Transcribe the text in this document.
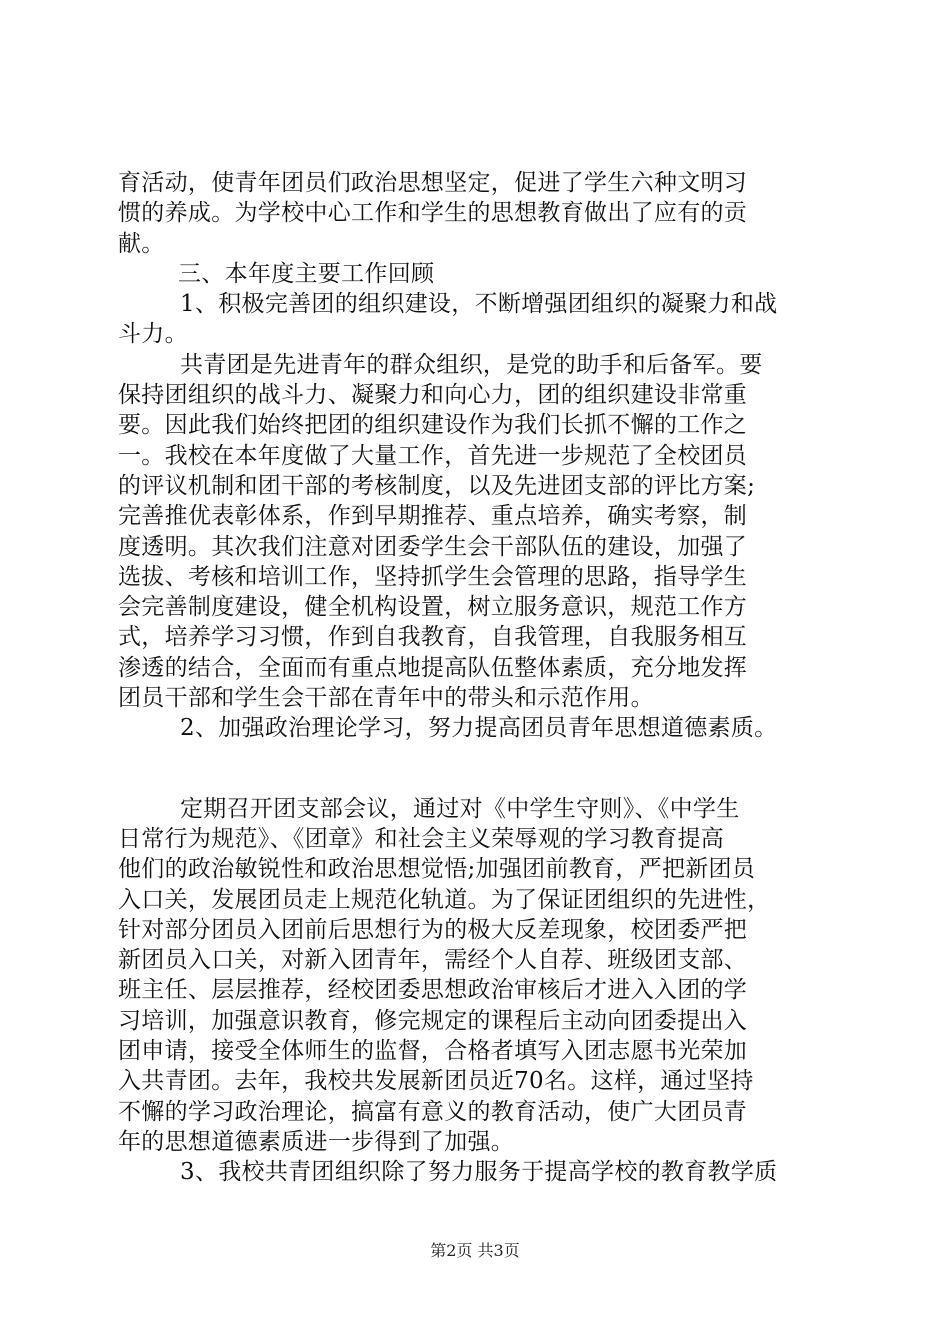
育活动，使青年团员们政治思想坚定，促进了学生六种文明习
惯的养成。为学校中心工作和学生的思想教育做出了应有的贡
献。
三、本年度主要工作回顾
1、积极完善团的组织建设，不断增强团组织的凝聚力和战
斗力。
共青团是先进青年的群众组织，是党的助手和后备军。要
保持团组织的战斗力、凝聚力和向心力，团的组织建设非常重
要。因此我们始终把团的组织建设作为我们长抓不懈的工作之
一。我校在本年度做了大量工作，首先进一步规范了全校团员
的评议机制和团干部的考核制度，以及先进团支部的评比方案;
完善推优表彰体系，作到早期推荐、重点培养，确实考察，制
度透明。其次我们注意对团委学生会干部队伍的建设，加强了
选拔、考核和培训工作，坚持抓学生会管理的思路，指导学生
会完善制度建设，健全机构设置，树立服务意识，规范工作方
式，培养学习习惯，作到自我教育，自我管理，自我服务相互
渗透的结合，全面而有重点地提高队伍整体素质，充分地发挥
团员干部和学生会干部在青年中的带头和示范作用。
2、加强政治理论学习，努力提高团员青年思想道德素质。
定期召开团支部会议，通过对《中学生守则》、《中学生
日常行为规范》、《团章》和社会主义荣辱观的学习教育提高
他们的政治敏锐性和政治思想觉悟;加强团前教育，严把新团员
入口关，发展团员走上规范化轨道。为了保证团组织的先进性，
针对部分团员入团前后思想行为的极大反差现象，校团委严把
新团员入口关，对新入团青年，需经个人自荐、班级团支部、
班主任、层层推荐，经校团委思想政治审核后才进入入团的学
习培训，加强意识教育，修完规定的课程后主动向团委提出入
团申请，接受全体师生的监督，合格者填写入团志愿书光荣加
入共青团。去年，我校共发展新团员近70名。这样，通过坚持
不懈的学习政治理论，搞富有意义的教育活动，使广大团员青
年的思想道德素质进一步得到了加强。
3、我校共青团组织除了努力服务于提高学校的教育教学质
第2页 共3页
